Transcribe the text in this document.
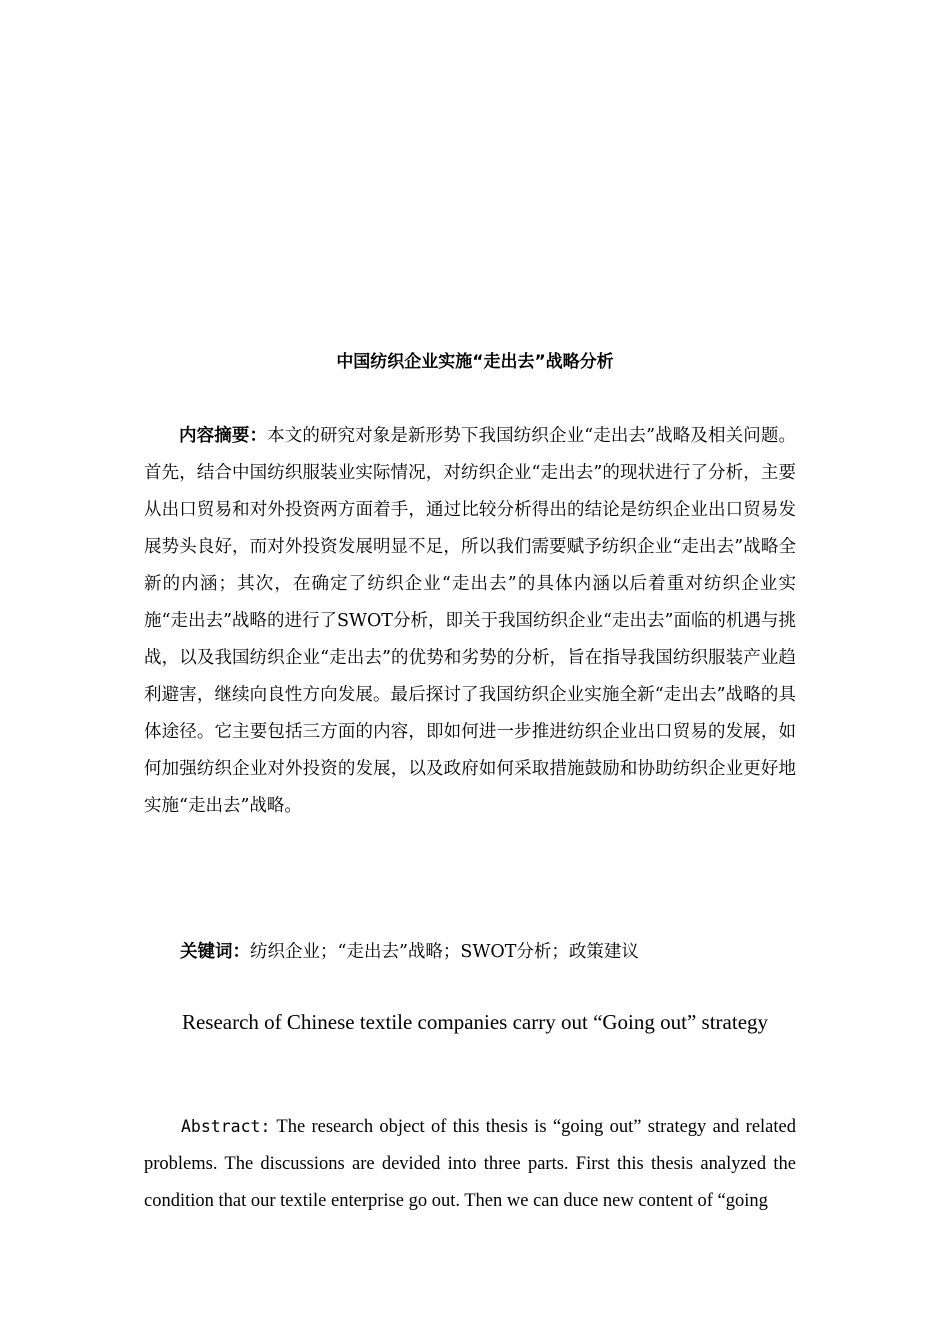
中国纺织企业实施“走出去”战略分析

内容摘要：本文的研究对象是新形势下我国纺织企业“走出去”战略及相关问题。首先，结合中国纺织服装业实际情况，对纺织企业“走出去”的现状进行了分析，主要从出口贸易和对外投资两方面着手，通过比较分析得出的结论是纺织企业出口贸易发展势头良好，而对外投资发展明显不足，所以我们需要赋予纺织企业“走出去”战略全新的内涵；其次，在确定了纺织企业“走出去”的具体内涵以后着重对纺织企业实施“走出去”战略的进行了SWOT分析，即关于我国纺织企业“走出去”面临的机遇与挑战，以及我国纺织企业“走出去”的优势和劣势的分析，旨在指导我国纺织服装产业趋利避害，继续向良性方向发展。最后探讨了我国纺织企业实施全新“走出去”战略的具体途径。它主要包括三方面的内容，即如何进一步推进纺织企业出口贸易的发展，如何加强纺织企业对外投资的发展，以及政府如何采取措施鼓励和协助纺织企业更好地实施“走出去”战略。

关键词：纺织企业；“走出去”战略；SWOT分析；政策建议

Research of Chinese textile companies carry out “Going out” strategy

Abstract: The research object of this thesis is “going out” strategy and related problems. The discussions are devided into three parts. First this thesis analyzed the condition that our textile enterprise go out. Then we can duce new content of “going
